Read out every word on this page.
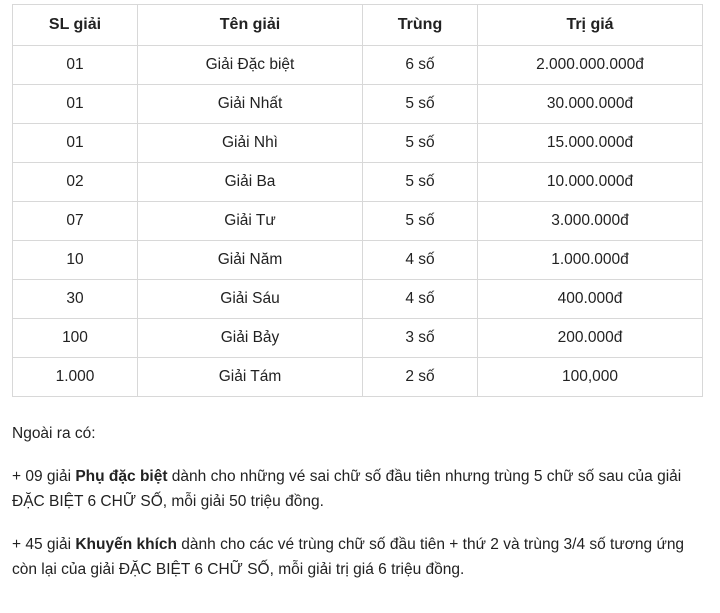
SL giải	Tên giải	Trùng	Trị giá
01	Giải Đặc biệt	6 số	2.000.000.000đ
01	Giải Nhất	5 số	30.000.000đ
01	Giải Nhì	5 số	15.000.000đ
02	Giải Ba	5 số	10.000.000đ
07	Giải Tư	5 số	3.000.000đ
10	Giải Năm	4 số	1.000.000đ
30	Giải Sáu	4 số	400.000đ
100	Giải Bảy	3 số	200.000đ
1.000	Giải Tám	2 số	100,000

Ngoài ra có:

+ 09 giải Phụ đặc biệt dành cho những vé sai chữ số đầu tiên nhưng trùng 5 chữ số sau của giải ĐẶC BIỆT 6 CHỮ SỐ, mỗi giải 50 triệu đồng.

+ 45 giải Khuyến khích dành cho các vé trùng chữ số đầu tiên + thứ 2 và trùng 3/4 số tương ứng còn lại của giải ĐẶC BIỆT 6 CHỮ SỐ, mỗi giải trị giá 6 triệu đồng.
